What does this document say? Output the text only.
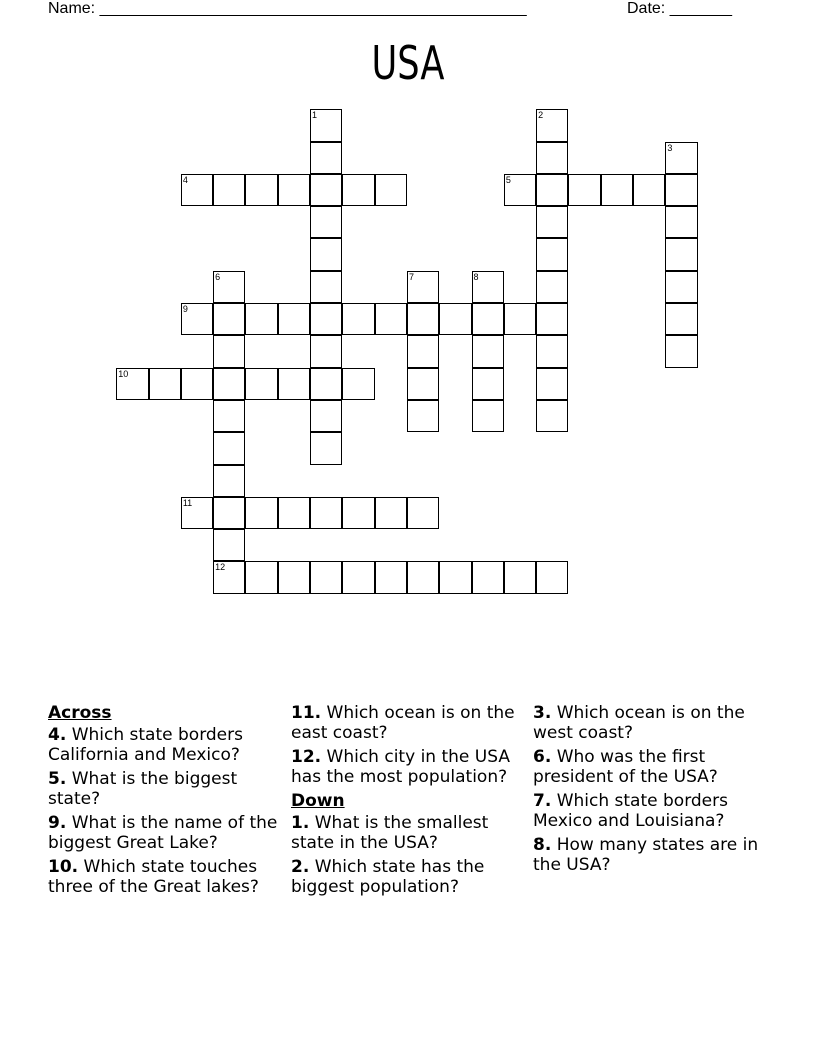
Name: ________________________________________________	Date: _______
USA
1	2
3
4	5
6
12
7	8
9
10
11
Across
4. Which state borders California and Mexico?
5. What is the biggest state?
9. What is the name of the biggest Great Lake?
10. Which state touches three of the Great lakes?
11. Which ocean is on the east coast?
12. Which city in the USA has the most population?
Down
1. What is the smallest state in the USA?
2. Which state has the biggest population?
3. Which ocean is on the west coast?
6. Who was the first president of the USA?
7. Which state borders Mexico and Louisiana?
8. How many states are in the USA?
